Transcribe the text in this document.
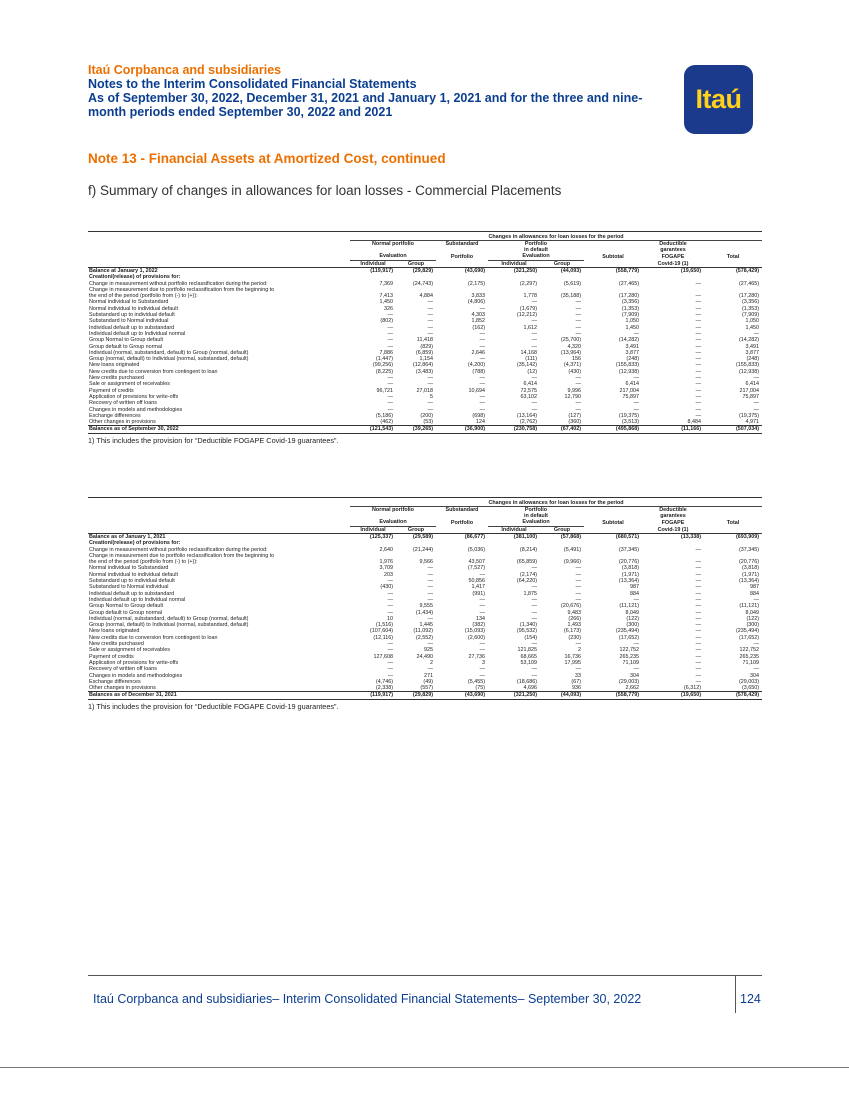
Itaú Corpbanca and subsidiaries
Notes to the Interim Consolidated Financial Statements
As of September 30, 2022, December 31, 2021 and January 1, 2021 and for the three and nine-
month periods ended September 30, 2022 and 2021	Itaú
Note 13 - Financial Assets at Amortized Cost, continued
f) Summary of changes in allowances for loan losses - Commercial Placements

	Changes in allowances for loan losses for the period							
	Normal portfolio		Substandard	Portfolio			Deductible	
				in default			garantees	
	Evaluation		Portfolio	Evaluation		Subtotal	FOGAPE	Total
	Individual	Group		Individual	Group		Covid-19 (1)	
Balance at January 1, 2022	(119,917)	(29,829)	(43,690)	(321,250)	(44,093)	(558,779)	(19,650)	(578,429)
Creation/(release) of provisions for:								
Change in measurement without portfolio reclassification during the period:	7,369	(24,743)	(2,175)	(2,297)	(5,619)	(27,465)	—	(27,465)
Change in measurement due to portfolio reclassification from the beginning to								
the end of the period (portfolio from (-) to (+)):	7,413	4,884	3,833	1,778	(35,188)	(17,280)	—	(17,280)
Normal individual to Substandard	1,450	—	(4,806)	—	—	(3,356)	—	(3,356)
Normal individual to individual default	326	—	—	(1,679)	—	(1,353)	—	(1,353)
Substandard up to individual default	—	—	4,303	(12,212)	—	(7,909)	—	(7,909)
Substandard to Normal individual	(802)	—	1,852	—	—	1,050	—	1,050
Individual default up to substandard	—	—	(162)	1,612	—	1,450	—	1,450
Individual default up to Individual normal	—	—	—	—	—	—	—	—
Group Normal to Group default	—	11,418	—	—	(25,700)	(14,282)	—	(14,282)
Group default to Group normal	—	(829)	—	—	4,320	3,491	—	3,491
Individual (normal, substandard, default) to Group (normal, default)	7,886	(6,859)	2,646	14,168	(13,964)	3,877	—	3,877
Group (normal, default) to Individual (normal, substandard, default)	(1,447)	1,154	—	(111)	156	(248)	—	(248)
New loans originated	(99,256)	(12,864)	(4,200)	(35,142)	(4,371)	(155,833)	—	(155,833)
New credits due to conversion from contingent to loan	(8,225)	(3,483)	(788)	(12)	(430)	(12,938)	—	(12,938)
New credits purchased	—	—	—	—	—	—	—	—
Sale or assignment of receivables	—	—	—	6,414	—	6,414	—	6,414
Payment of credits	96,721	27,018	10,694	72,575	9,996	217,004	—	217,004
Application of provisions for write-offs	—	5	—	63,102	12,790	75,897	—	75,897
Recovery of written off loans	—	—	—	—	—	—	—	—
Changes in models and methodologies	—	—	—	—	—	—	—	—
Exchange differences	(5,186)	(200)	(698)	(13,164)	(127)	(19,375)	—	(19,375)
Other changes in provisions	(462)	(53)	124	(2,762)	(360)	(3,513)	8,484	4,971
Balances as of September 30, 2022	(121,543)	(39,265)	(36,900)	(230,758)	(67,402)	(495,868)	(11,166)	(507,034)
1) This includes the provision for “Deductible FOGAPE Covid-19 guarantees”.

	Changes in allowances for loan losses for the period							
	Normal portfolio		Substandard	Portfolio			Deductible	
				in default			garantees	
	Evaluation		Portfolio	Evaluation		Subtotal	FOGAPE	Total
	Individual	Group		Individual	Group		Covid-19 (1)	
Balance as of January 1, 2021	(125,337)	(29,589)	(86,677)	(381,100)	(57,868)	(680,571)	(13,338)	(693,909)
Creation/(release) of provisions for:								
Change in measurement without portfolio reclassification during the period:	2,640	(21,244)	(5,036)	(8,214)	(5,491)	(37,345)	—	(37,345)
Change in measurement due to portfolio reclassification from the beginning to								
the end of the period (portfolio from (-) to (+)):	1,976	9,566	43,507	(65,859)	(9,966)	(20,776)	—	(20,776)
Normal individual to Substandard	3,709	—	(7,527)	—	—	(3,818)	—	(3,818)
Normal individual to individual default	203	—	—	(2,174)	—	(1,971)	—	(1,971)
Substandard up to individual default	—	—	50,856	(64,220)	—	(13,364)	—	(13,364)
Substandard to Normal individual	(430)	—	1,417	—	—	987	—	987
Individual default up to substandard	—	—	(991)	1,875	—	884	—	884
Individual default up to Individual normal	—	—	—	—	—	—	—	—
Group Normal to Group default	—	9,555	—	—	(20,676)	(11,121)	—	(11,121)
Group default to Group normal	—	(1,434)	—	—	9,483	8,049	—	8,049
Individual (normal, substandard, default) to Group (normal, default)	10	—	134	—	(266)	(122)	—	(122)
Group (normal, default) to Individual (normal, substandard, default)	(1,516)	1,445	(382)	(1,340)	1,493	(300)	—	(300)
New loans originated	(107,604)	(11,092)	(15,093)	(95,532)	(6,173)	(235,494)	—	(235,494)
New credits due to conversion from contingent to loan	(12,116)	(2,552)	(2,600)	(154)	(230)	(17,652)	—	(17,652)
New credits purchased	—	—	—	—	—	—	—	—
Sale or assignment of receivables	—	925	—	121,825	2	122,752	—	122,752
Payment of credits	127,608	24,490	27,736	68,665	16,736	265,235	—	265,235
Application of provisions for write-offs	—	2	3	53,109	17,995	71,109	—	71,109
Recovery of written off loans	—	—	—	—	—	—	—	—
Changes in models and methodologies	—	271	—	—	33	304	—	304
Exchange differences	(4,746)	(49)	(5,455)	(18,686)	(67)	(29,003)	—	(29,003)
Other changes in provisions	(2,338)	(557)	(75)	4,696	936	2,662	(6,312)	(3,650)
Balances as of December 31, 2021	(119,917)	(29,829)	(43,690)	(321,250)	(44,093)	(558,779)	(19,650)	(578,429)
1) This includes the provision for “Deductible FOGAPE Covid-19 guarantees”.
Itaú Corpbanca and subsidiaries– Interim Consolidated Financial Statements– September 30, 2022	124
